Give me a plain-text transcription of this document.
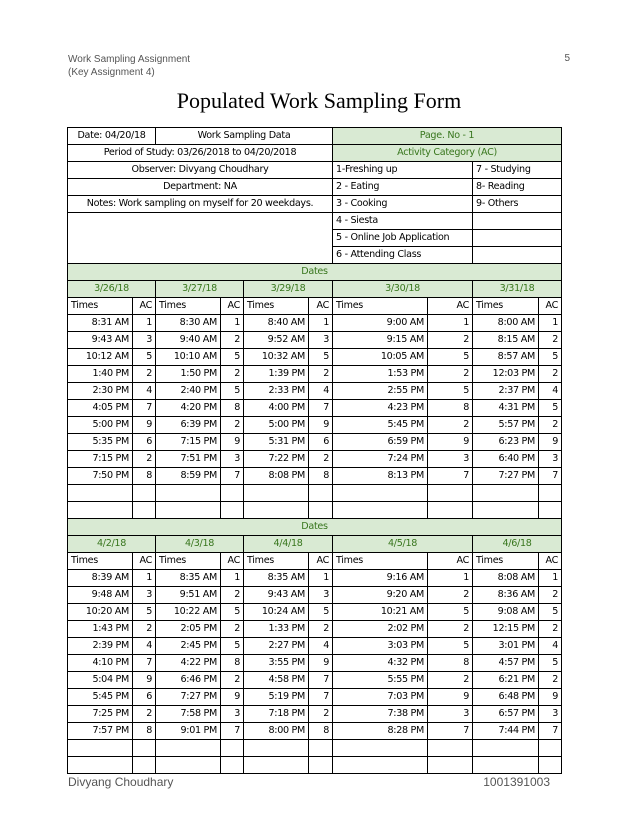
Work Sampling Assignment
(Key Assignment 4)
5
Populated Work Sampling Form
Date: 04/20/18		Work Sampling Data				Page. No - 1			
Period of Study: 03/26/2018 to 04/20/2018						Activity Category (AC)			
Observer: Divyang Choudhary						1-Freshing up		7 - Studying	
Department: NA						2 - Eating		8- Reading	
Notes: Work sampling on myself for 20 weekdays.						3 - Cooking		9- Others	
						4 - Siesta			
						5 - Online Job Application			
						6 - Attending Class			
Dates									
3/26/18		3/27/18		3/29/18		3/30/18		3/31/18	
Times	AC	Times	AC	Times	AC	Times	AC	Times	AC
8:31 AM	1	8:30 AM	1	8:40 AM	1	9:00 AM	1	8:00 AM	1
9:43 AM	3	9:40 AM	2	9:52 AM	3	9:15 AM	2	8:15 AM	2
10:12 AM	5	10:10 AM	5	10:32 AM	5	10:05 AM	5	8:57 AM	5
1:40 PM	2	1:50 PM	2	1:39 PM	2	1:53 PM	2	12:03 PM	2
2:30 PM	4	2:40 PM	5	2:33 PM	4	2:55 PM	5	2:37 PM	4
4:05 PM	7	4:20 PM	8	4:00 PM	7	4:23 PM	8	4:31 PM	5
5:00 PM	9	6:39 PM	2	5:00 PM	9	5:45 PM	2	5:57 PM	2
5:35 PM	6	7:15 PM	9	5:31 PM	6	6:59 PM	9	6:23 PM	9
7:15 PM	2	7:51 PM	3	7:22 PM	2	7:24 PM	3	6:40 PM	3
7:50 PM	8	8:59 PM	7	8:08 PM	8	8:13 PM	7	7:27 PM	7

Dates									
4/2/18		4/3/18		4/4/18		4/5/18		4/6/18	
Times	AC	Times	AC	Times	AC	Times	AC	Times	AC
8:39 AM	1	8:35 AM	1	8:35 AM	1	9:16 AM	1	8:08 AM	1
9:48 AM	3	9:51 AM	2	9:43 AM	3	9:20 AM	2	8:36 AM	2
10:20 AM	5	10:22 AM	5	10:24 AM	5	10:21 AM	5	9:08 AM	5
1:43 PM	2	2:05 PM	2	1:33 PM	2	2:02 PM	2	12:15 PM	2
2:39 PM	4	2:45 PM	5	2:27 PM	4	3:03 PM	5	3:01 PM	4
4:10 PM	7	4:22 PM	8	3:55 PM	9	4:32 PM	8	4:57 PM	5
5:04 PM	9	6:46 PM	2	4:58 PM	7	5:55 PM	2	6:21 PM	2
5:45 PM	6	7:27 PM	9	5:19 PM	7	7:03 PM	9	6:48 PM	9
7:25 PM	2	7:58 PM	3	7:18 PM	2	7:38 PM	3	6:57 PM	3
7:57 PM	8	9:01 PM	7	8:00 PM	8	8:28 PM	7	7:44 PM	7

Divyang Choudhary	1001391003
